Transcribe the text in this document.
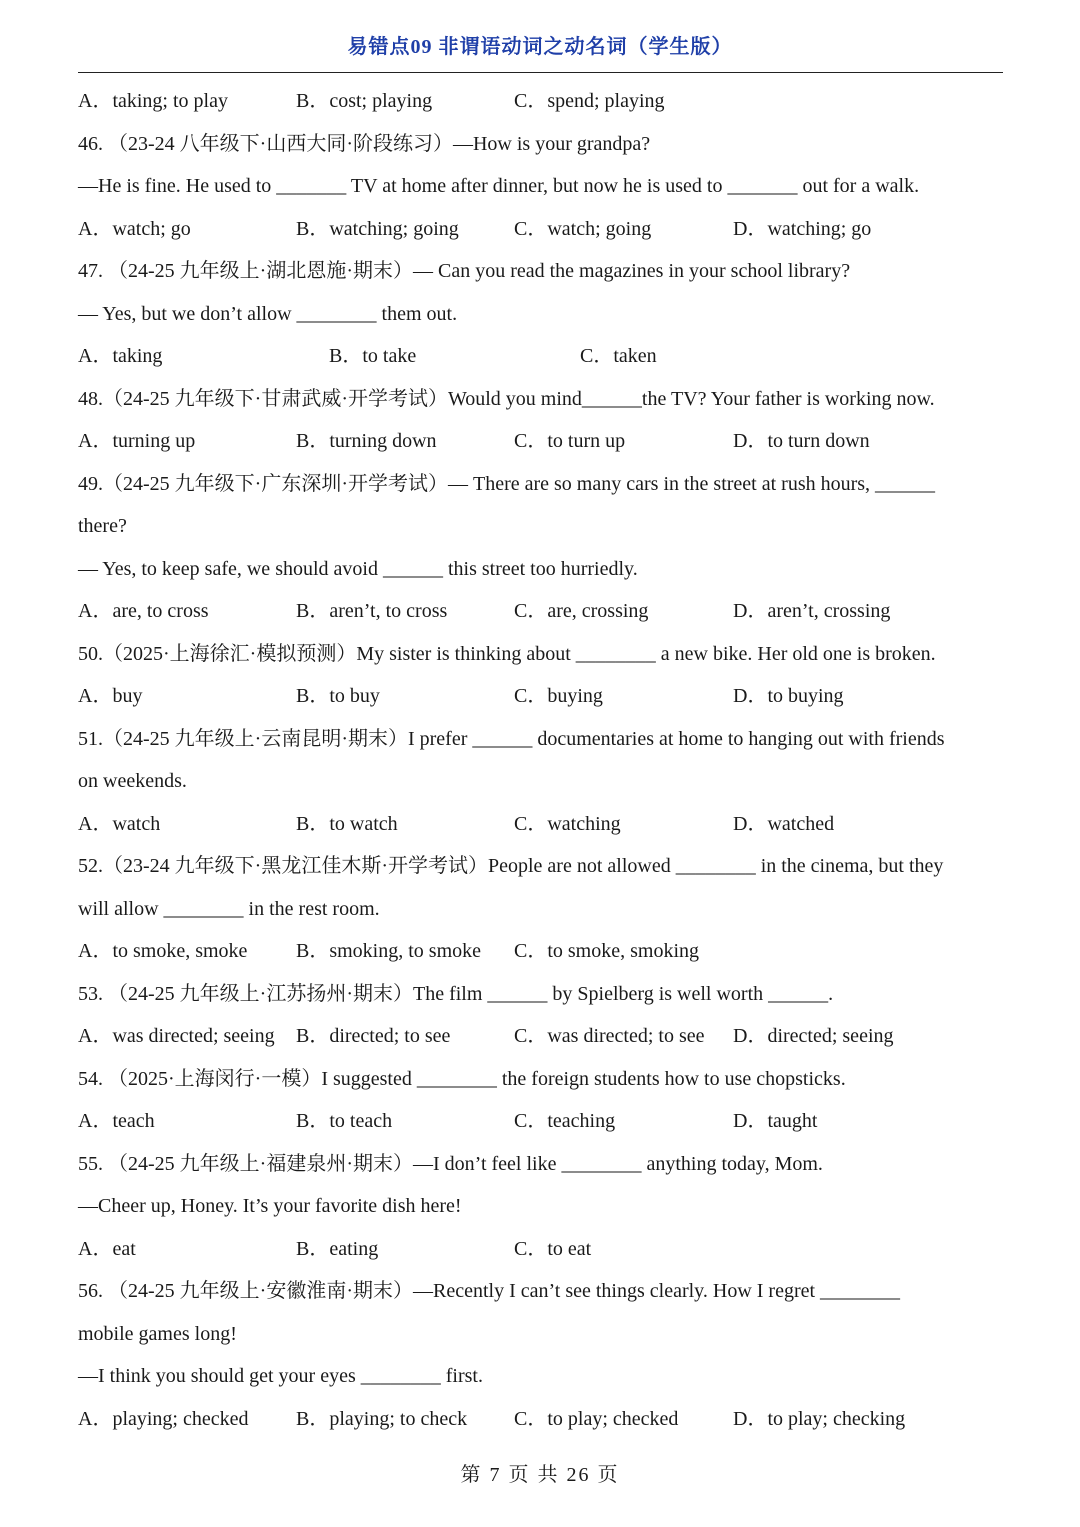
易错点09 非谓语动词之动名词（学生版）
A．taking; to play	B．cost; playing	C．spend; playing
46. （23-24 八年级下·山西大同·阶段练习）—How is your grandpa?
—He is fine. He used to _______ TV at home after dinner, but now he is used to _______ out for a walk.
A．watch; go	B．watching; going	C．watch; going	D．watching; go
47. （24-25 九年级上·湖北恩施·期末）— Can you read the magazines in your school library?
— Yes, but we don’t allow ________ them out.
A．taking	B．to take	C．taken
48.（24-25 九年级下·甘肃武威·开学考试）Would you mind______the TV? Your father is working now.
A．turning up	B．turning down	C．to turn up	D．to turn down
49.（24-25 九年级下·广东深圳·开学考试）— There are so many cars in the street at rush hours, ______
there?
— Yes, to keep safe, we should avoid ______ this street too hurriedly.
A．are, to cross	B．aren’t, to cross	C．are, crossing	D．aren’t, crossing
50.（2025·上海徐汇·模拟预测）My sister is thinking about ________ a new bike. Her old one is broken.
A．buy	B．to buy	C．buying	D．to buying
51.（24-25 九年级上·云南昆明·期末）I prefer ______ documentaries at home to hanging out with friends
on weekends.
A．watch	B．to watch	C．watching	D．watched
52.（23-24 九年级下·黑龙江佳木斯·开学考试）People are not allowed ________ in the cinema, but they
will allow ________ in the rest room.
A．to smoke, smoke B．smoking, to smoke C．to smoke, smoking
53. （24-25 九年级上·江苏扬州·期末）The film ______ by Spielberg is well worth ______.
A．was directed; seeing B．directed; to see	C．was directed; to see D．directed; seeing
54. （2025·上海闵行·一模）I suggested ________ the foreign students how to use chopsticks.
A．teach	B．to teach	C．teaching	D．taught
55. （24-25 九年级上·福建泉州·期末）—I don’t feel like ________ anything today, Mom.
—Cheer up, Honey. It’s your favorite dish here!
A．eat	B．eating	C．to eat
56. （24-25 九年级上·安徽淮南·期末）—Recently I can’t see things clearly. How I regret ________
mobile games long!
—I think you should get your eyes ________ first.
A．playing; checked B．playing; to check C．to play; checked	D．to play; checking
第 7 页 共 26 页
